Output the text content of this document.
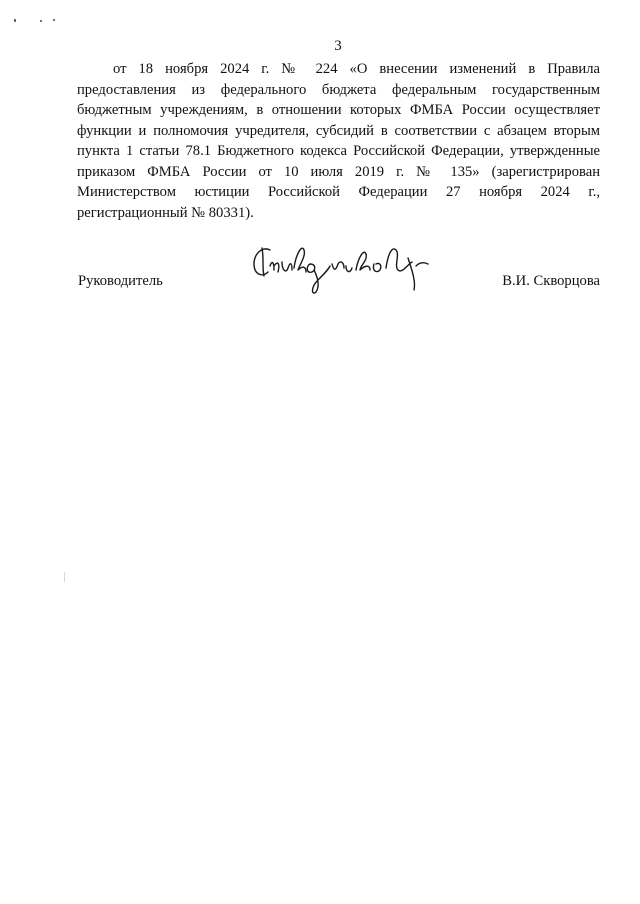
3

от 18 ноября 2024 г. № 224 «О внесении изменений в Правила предоставления из федерального бюджета федеральным государственным бюджетным учреждениям, в отношении которых ФМБА России осуществляет функции и полномочия учредителя, субсидий в соответствии с абзацем вторым пункта 1 статьи 78.1 Бюджетного кодекса Российской Федерации, утвержденные приказом ФМБА России от 10 июля 2019 г. № 135» (зарегистрирован Министерством юстиции Российской Федерации 27 ноября 2024 г., регистрационный № 80331).

Руководитель	В.И. Скворцова
